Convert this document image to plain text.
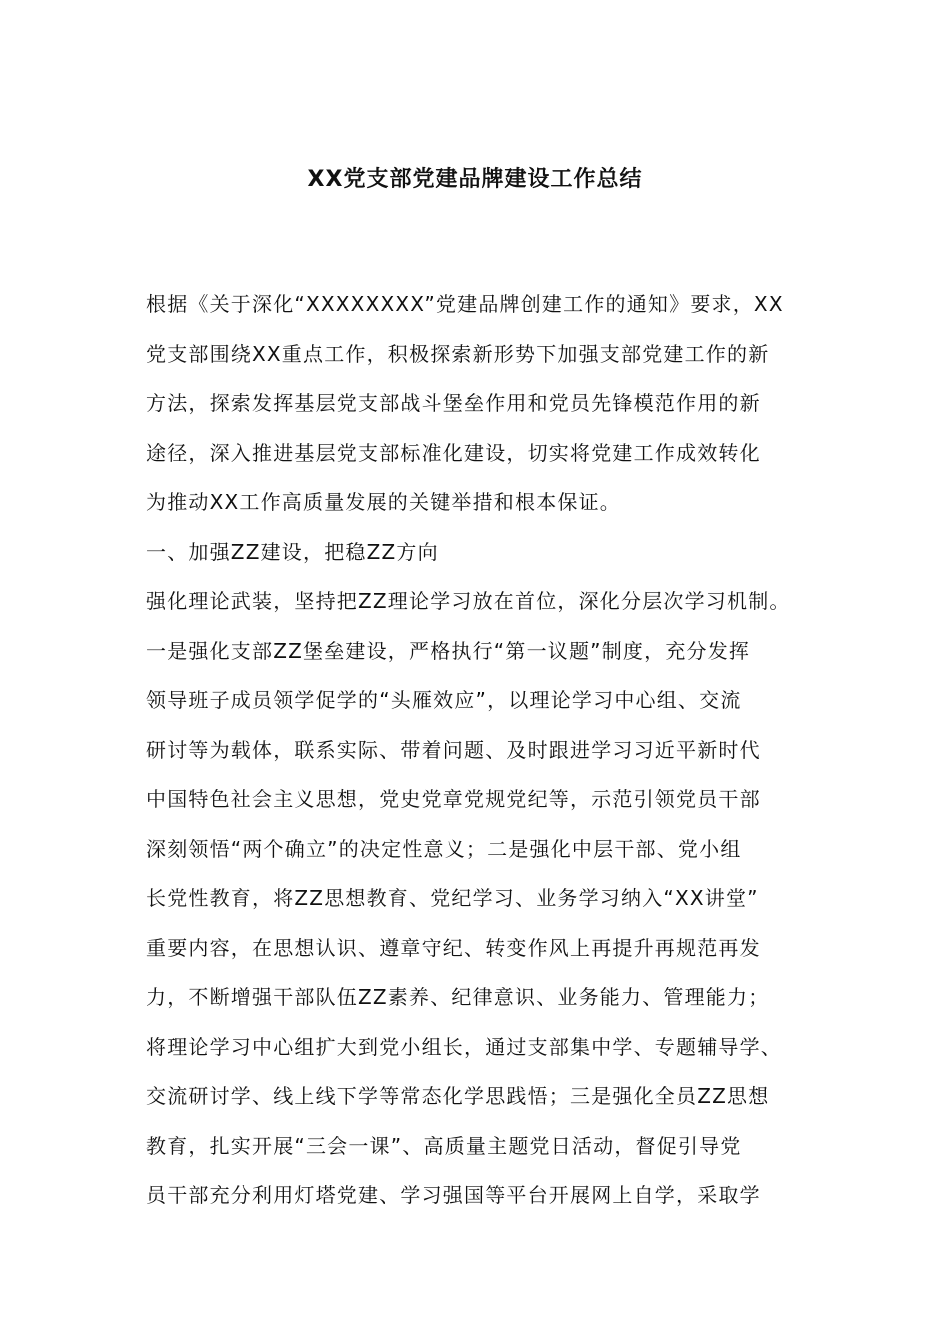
XX党支部党建品牌建设工作总结
根据《关于深化“XXXXXXXX”党建品牌创建工作的通知》要求，XX
党支部围绕XX重点工作，积极探索新形势下加强支部党建工作的新
方法，探索发挥基层党支部战斗堡垒作用和党员先锋模范作用的新
途径，深入推进基层党支部标准化建设，切实将党建工作成效转化
为推动XX工作高质量发展的关键举措和根本保证。
一、加强ZZ建设，把稳ZZ方向
强化理论武装，坚持把ZZ理论学习放在首位，深化分层次学习机制。
一是强化支部ZZ堡垒建设，严格执行“第一议题”制度，充分发挥
领导班子成员领学促学的“头雁效应”，以理论学习中心组、交流
研讨等为载体，联系实际、带着问题、及时跟进学习习近平新时代
中国特色社会主义思想，党史党章党规党纪等，示范引领党员干部
深刻领悟“两个确立”的决定性意义；二是强化中层干部、党小组
长党性教育，将ZZ思想教育、党纪学习、业务学习纳入“XX讲堂”
重要内容，在思想认识、遵章守纪、转变作风上再提升再规范再发
力，不断增强干部队伍ZZ素养、纪律意识、业务能力、管理能力；
将理论学习中心组扩大到党小组长，通过支部集中学、专题辅导学、
交流研讨学、线上线下学等常态化学思践悟；三是强化全员ZZ思想
教育，扎实开展“三会一课”、高质量主题党日活动，督促引导党
员干部充分利用灯塔党建、学习强国等平台开展网上自学，采取学
